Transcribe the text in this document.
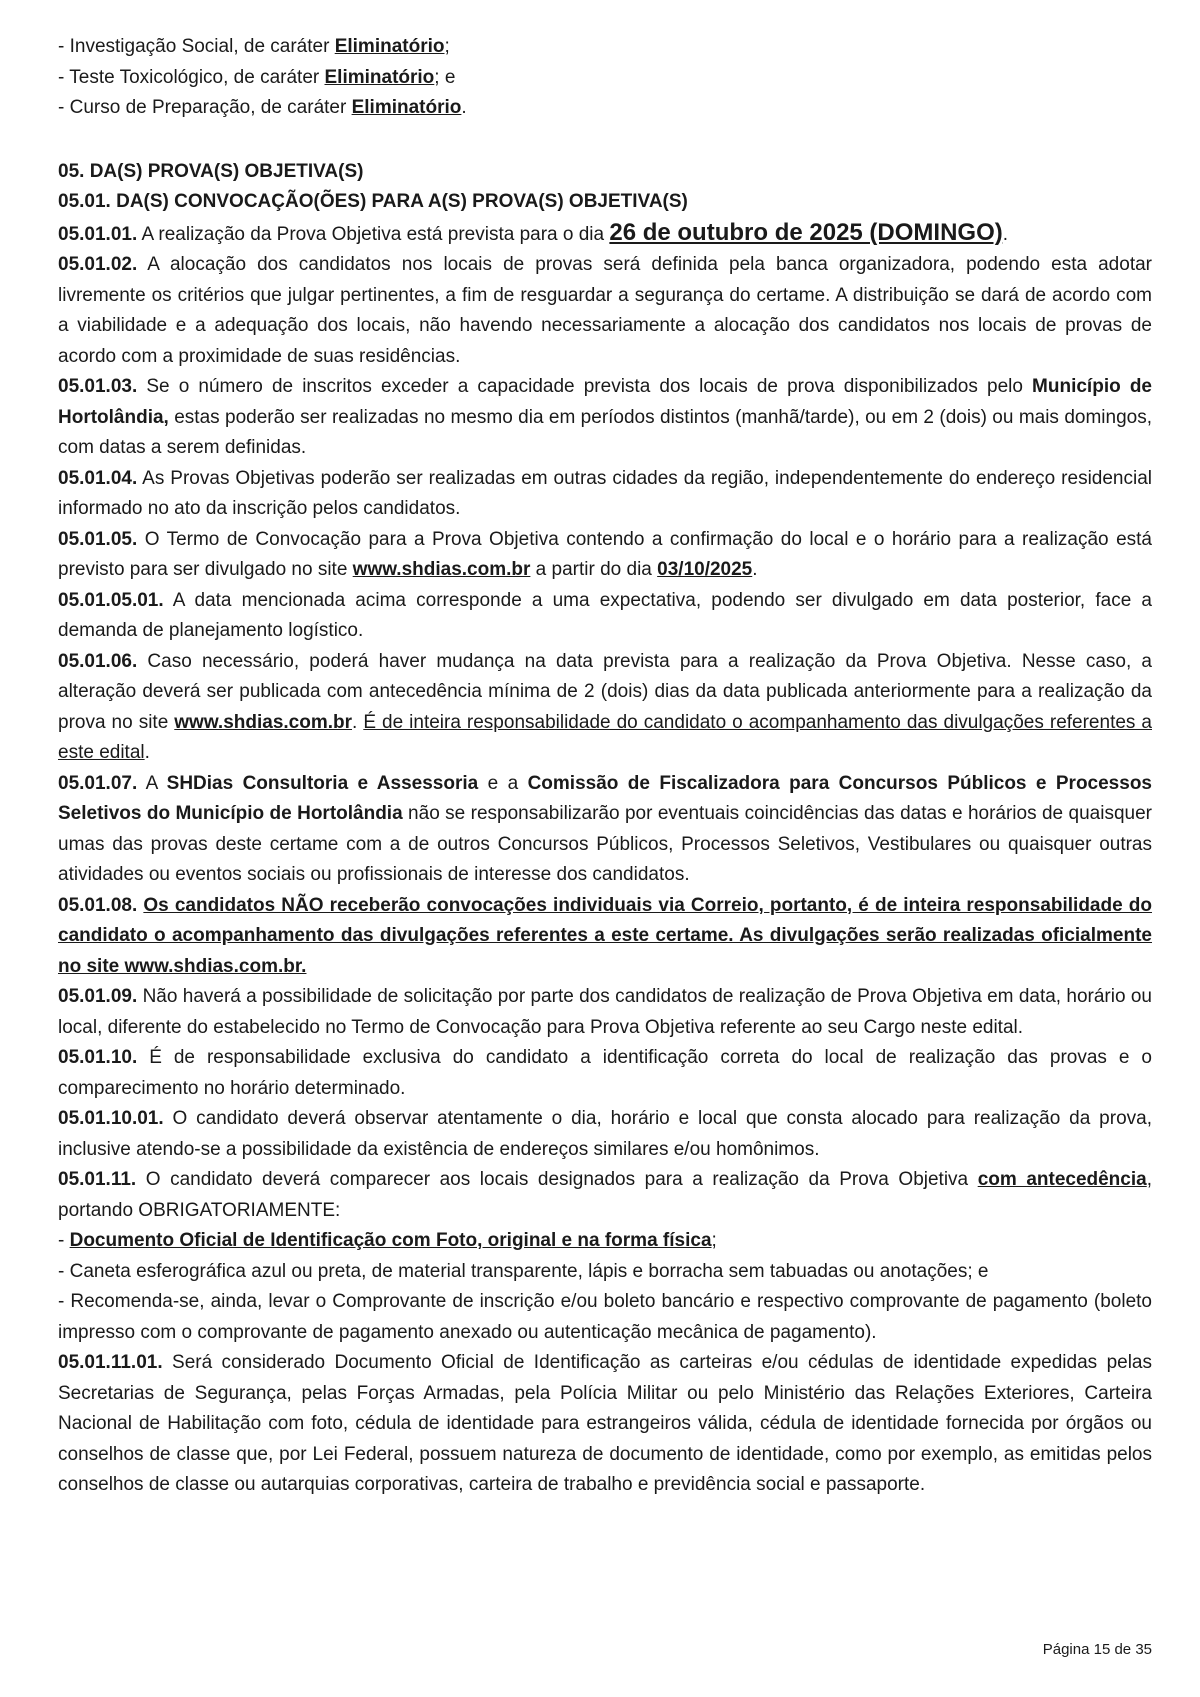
- Investigação Social, de caráter Eliminatório;
- Teste Toxicológico, de caráter Eliminatório; e
- Curso de Preparação, de caráter Eliminatório.
05. DA(S) PROVA(S) OBJETIVA(S)
05.01. DA(S) CONVOCAÇÃO(ÕES) PARA A(S) PROVA(S) OBJETIVA(S)

05.01.01. A realização da Prova Objetiva está prevista para o dia 26 de outubro de 2025 (DOMINGO).

05.01.02. A alocação dos candidatos nos locais de provas será definida pela banca organizadora, podendo esta adotar livremente os critérios que julgar pertinentes, a fim de resguardar a segurança do certame. A distribuição se dará de acordo com a viabilidade e a adequação dos locais, não havendo necessariamente a alocação dos candidatos nos locais de provas de acordo com a proximidade de suas residências.

05.01.03. Se o número de inscritos exceder a capacidade prevista dos locais de prova disponibilizados pelo Município de Hortolândia, estas poderão ser realizadas no mesmo dia em períodos distintos (manhã/tarde), ou em 2 (dois) ou mais domingos, com datas a serem definidas.

05.01.04. As Provas Objetivas poderão ser realizadas em outras cidades da região, independentemente do endereço residencial informado no ato da inscrição pelos candidatos.

05.01.05. O Termo de Convocação para a Prova Objetiva contendo a confirmação do local e o horário para a realização está previsto para ser divulgado no site www.shdias.com.br a partir do dia 03/10/2025.

05.01.05.01. A data mencionada acima corresponde a uma expectativa, podendo ser divulgado em data posterior, face a demanda de planejamento logístico.

05.01.06. Caso necessário, poderá haver mudança na data prevista para a realização da Prova Objetiva. Nesse caso, a alteração deverá ser publicada com antecedência mínima de 2 (dois) dias da data publicada anteriormente para a realização da prova no site www.shdias.com.br. É de inteira responsabilidade do candidato o acompanhamento das divulgações referentes a este edital.

05.01.07. A SHDias Consultoria e Assessoria e a Comissão de Fiscalizadora para Concursos Públicos e Processos Seletivos do Município de Hortolândia não se responsabilizarão por eventuais coincidências das datas e horários de quaisquer umas das provas deste certame com a de outros Concursos Públicos, Processos Seletivos, Vestibulares ou quaisquer outras atividades ou eventos sociais ou profissionais de interesse dos candidatos.

05.01.08. Os candidatos NÃO receberão convocações individuais via Correio, portanto, é de inteira responsabilidade do candidato o acompanhamento das divulgações referentes a este certame. As divulgações serão realizadas oficialmente no site www.shdias.com.br.

05.01.09. Não haverá a possibilidade de solicitação por parte dos candidatos de realização de Prova Objetiva em data, horário ou local, diferente do estabelecido no Termo de Convocação para Prova Objetiva referente ao seu Cargo neste edital.

05.01.10. É de responsabilidade exclusiva do candidato a identificação correta do local de realização das provas e o comparecimento no horário determinado.

05.01.10.01. O candidato deverá observar atentamente o dia, horário e local que consta alocado para realização da prova, inclusive atendo-se a possibilidade da existência de endereços similares e/ou homônimos.

05.01.11. O candidato deverá comparecer aos locais designados para a realização da Prova Objetiva com antecedência, portando OBRIGATORIAMENTE:

- Documento Oficial de Identificação com Foto, original e na forma física;

- Caneta esferográfica azul ou preta, de material transparente, lápis e borracha sem tabuadas ou anotações; e

- Recomenda-se, ainda, levar o Comprovante de inscrição e/ou boleto bancário e respectivo comprovante de pagamento (boleto impresso com o comprovante de pagamento anexado ou autenticação mecânica de pagamento).

05.01.11.01. Será considerado Documento Oficial de Identificação as carteiras e/ou cédulas de identidade expedidas pelas Secretarias de Segurança, pelas Forças Armadas, pela Polícia Militar ou pelo Ministério das Relações Exteriores, Carteira Nacional de Habilitação com foto, cédula de identidade para estrangeiros válida, cédula de identidade fornecida por órgãos ou conselhos de classe que, por Lei Federal, possuem natureza de documento de identidade, como por exemplo, as emitidas pelos conselhos de classe ou autarquias corporativas, carteira de trabalho e previdência social e passaporte.

Página 15 de 35
